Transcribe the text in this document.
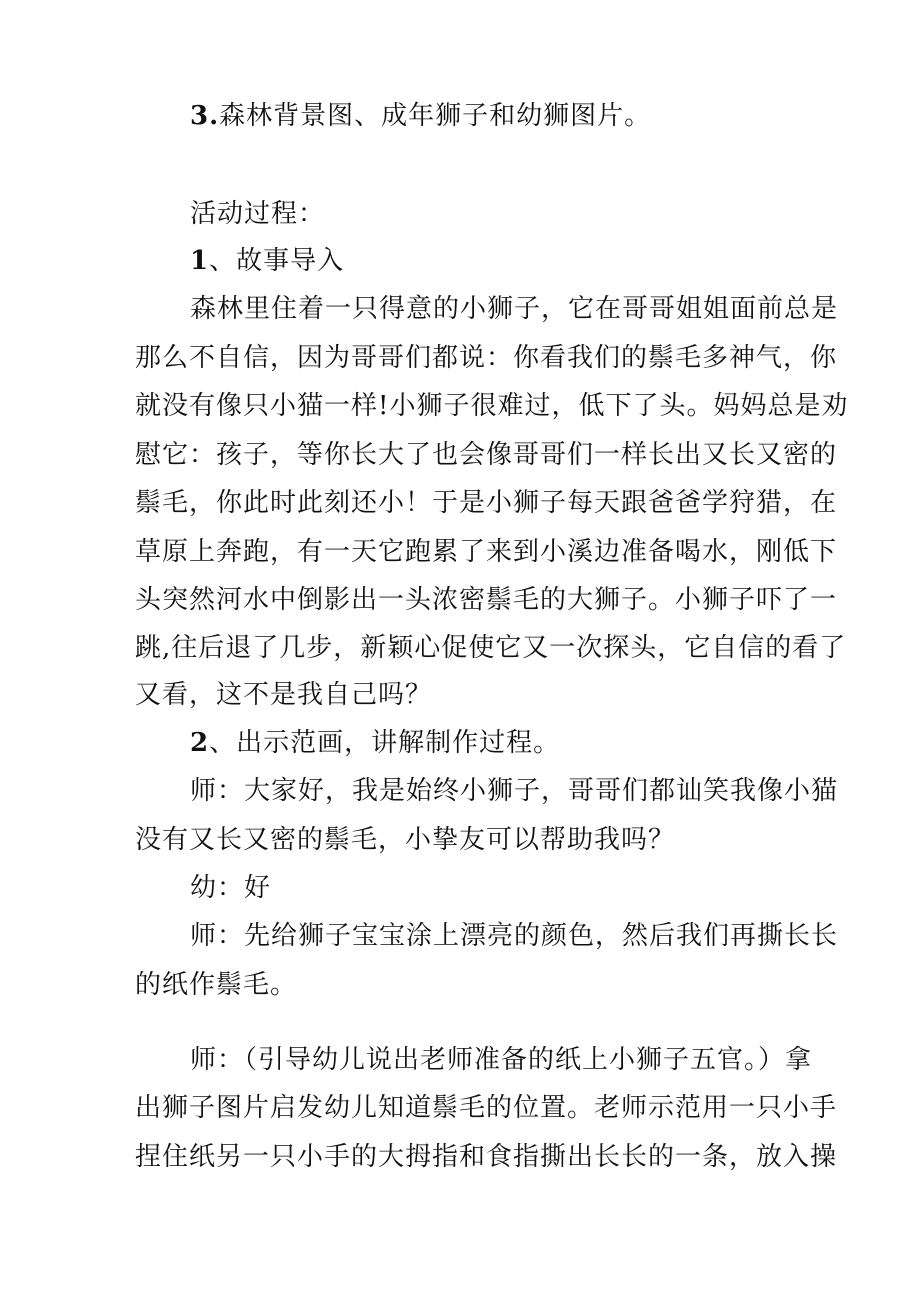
3.森林背景图、成年狮子和幼狮图片。
活动过程：
1、故事导入
森林里住着一只得意的小狮子，它在哥哥姐姐面前总是
那么不自信，因为哥哥们都说：你看我们的鬃毛多神气，你
就没有像只小猫一样!小狮子很难过，低下了头。妈妈总是劝
慰它：孩子，等你长大了也会像哥哥们一样长出又长又密的
鬃毛，你此时此刻还小！于是小狮子每天跟爸爸学狩猎，在
草原上奔跑，有一天它跑累了来到小溪边准备喝水，刚低下
头突然河水中倒影出一头浓密鬃毛的大狮子。小狮子吓了一
跳,往后退了几步，新颖心促使它又一次探头，它自信的看了
又看，这不是我自己吗？
2、出示范画，讲解制作过程。
师：大家好，我是始终小狮子，哥哥们都讪笑我像小猫
没有又长又密的鬃毛，小挚友可以帮助我吗？
幼：好
师：先给狮子宝宝涂上漂亮的颜色，然后我们再撕长长
的纸作鬃毛。
师：（引导幼儿说出老师准备的纸上小狮子五官。）拿
出狮子图片启发幼儿知道鬃毛的位置。老师示范用一只小手
捏住纸另一只小手的大拇指和食指撕出长长的一条，放入操
